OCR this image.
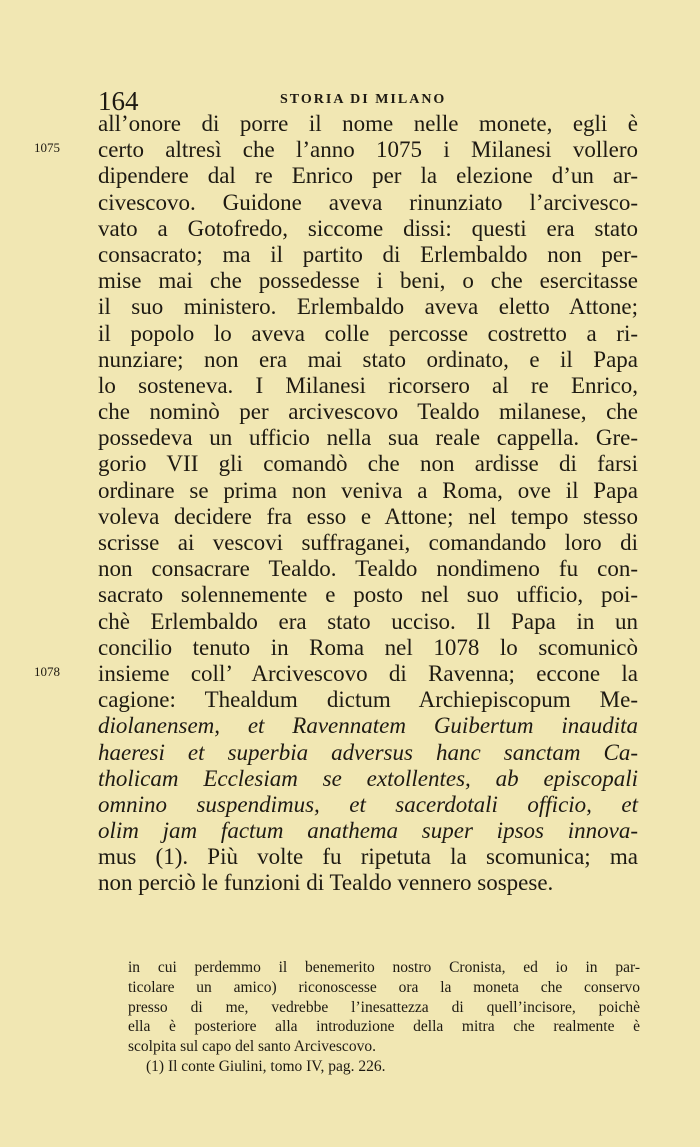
164	STORIA DI MILANO
1075
1078
all’onore di porre il nome nelle monete, egli è
certo altresì che l’anno 1075 i Milanesi vollero
dipendere dal re Enrico per la elezione d’un ar-
civescovo. Guidone aveva rinunziato l’arcivesco-
vato a Gotofredo, siccome dissi: questi era stato
consacrato; ma il partito di Erlembaldo non per-
mise mai che possedesse i beni, o che esercitasse
il suo ministero. Erlembaldo aveva eletto Attone;
il popolo lo aveva colle percosse costretto a ri-
nunziare; non era mai stato ordinato, e il Papa
lo sosteneva. I Milanesi ricorsero al re Enrico,
che nominò per arcivescovo Tealdo milanese, che
possedeva un ufficio nella sua reale cappella. Gre-
gorio VII gli comandò che non ardisse di farsi
ordinare se prima non veniva a Roma, ove il Papa
voleva decidere fra esso e Attone; nel tempo stesso
scrisse ai vescovi suffraganei, comandando loro di
non consacrare Tealdo. Tealdo nondimeno fu con-
sacrato solennemente e posto nel suo ufficio, poi-
chè Erlembaldo era stato ucciso. Il Papa in un
concilio tenuto in Roma nel 1078 lo scomunicò
insieme coll’ Arcivescovo di Ravenna; eccone la
cagione: Thealdum dictum Archiepiscopum Me-
diolanensem, et Ravennatem Guibertum inaudita
haeresi et superbia adversus hanc sanctam Ca-
tholicam Ecclesiam se extollentes, ab episcopali
omnino suspendimus, et sacerdotali officio, et
olim jam factum anathema super ipsos innova-
mus (1). Più volte fu ripetuta la scomunica; ma
non perciò le funzioni di Tealdo vennero sospese.
in cui perdemmo il benemerito nostro Cronista, ed io in par-
ticolare un amico) riconoscesse ora la moneta che conservo
presso di me, vedrebbe l’inesattezza di quell’incisore, poichè
ella è posteriore alla introduzione della mitra che realmente è
scolpita sul capo del santo Arcivescovo.
(1) Il conte Giulini, tomo IV, pag. 226.
